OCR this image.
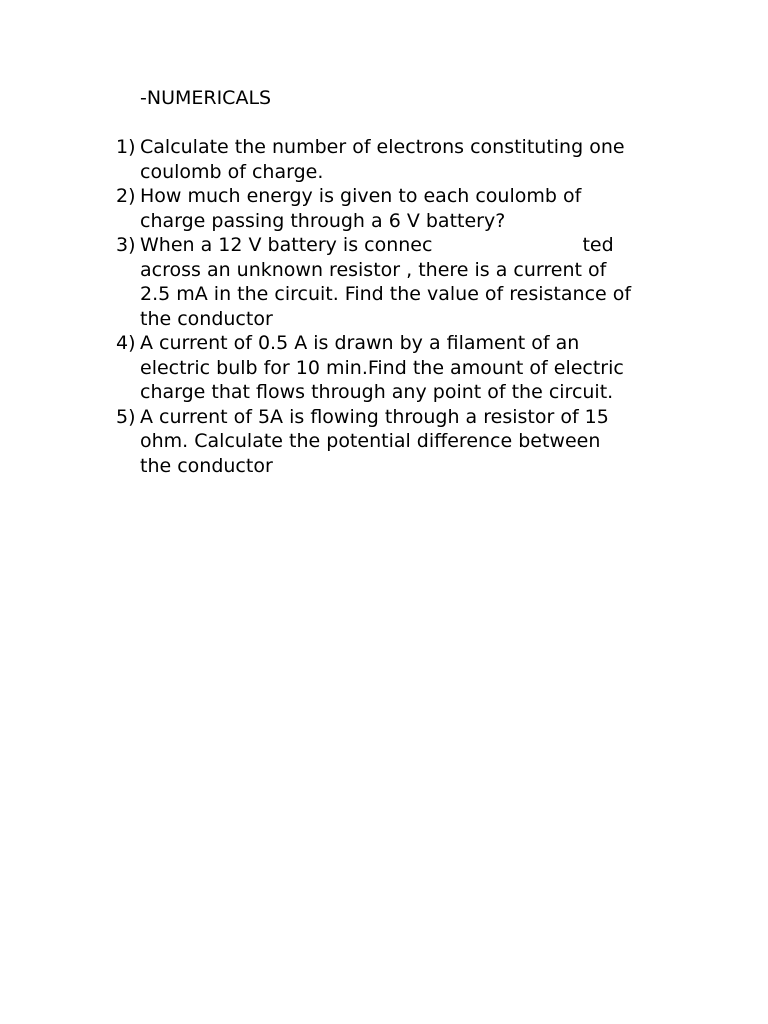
-NUMERICALS
1) Calculate the number of electrons constituting one
coulomb of charge.
2) How much energy is given to each coulomb of
charge passing through a 6 V battery?
3) When a 12 V battery is connec	ted
across an unknown resistor , there is a current of
2.5 mA in the circuit. Find the value of resistance of
the conductor
4) A current of 0.5 A is drawn by a filament of an
electric bulb for 10 min.Find the amount of electric
charge that flows through any point of the circuit.
5) A current of 5A is flowing through a resistor of 15
ohm. Calculate the potential difference between
the conductor
